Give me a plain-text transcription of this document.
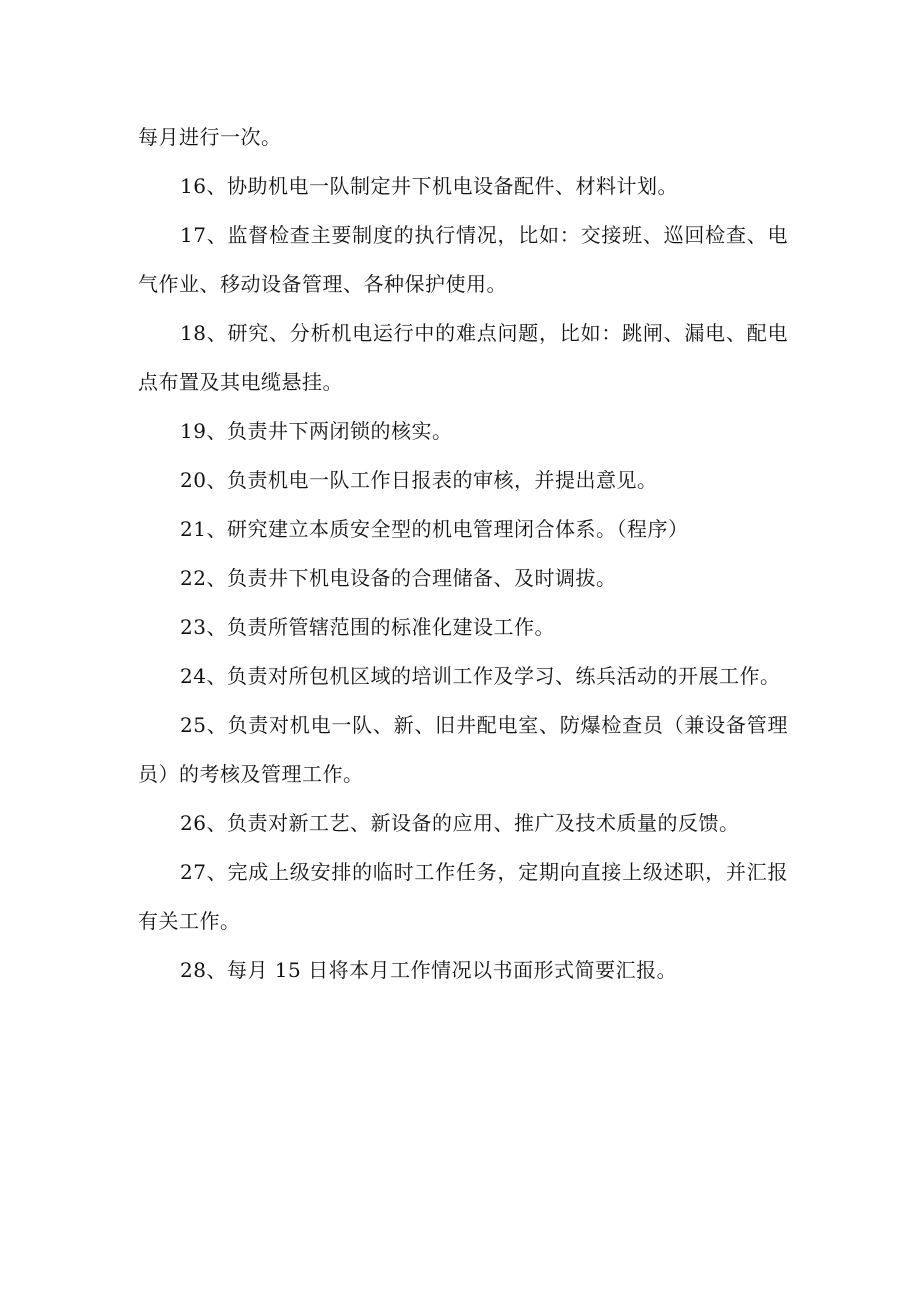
每月进行一次。

16、协助机电一队制定井下机电设备配件、材料计划。

17、监督检查主要制度的执行情况，比如：交接班、巡回检查、电气作业、移动设备管理、各种保护使用。

18、研究、分析机电运行中的难点问题，比如：跳闸、漏电、配电点布置及其电缆悬挂。

19、负责井下两闭锁的核实。

20、负责机电一队工作日报表的审核，并提出意见。

21、研究建立本质安全型的机电管理闭合体系。（程序）

22、负责井下机电设备的合理储备、及时调拔。

23、负责所管辖范围的标准化建设工作。

24、负责对所包机区域的培训工作及学习、练兵活动的开展工作。

25、负责对机电一队、新、旧井配电室、防爆检查员（兼设备管理员）的考核及管理工作。

26、负责对新工艺、新设备的应用、推广及技术质量的反馈。

27、完成上级安排的临时工作任务，定期向直接上级述职，并汇报有关工作。

28、每月 15 日将本月工作情况以书面形式简要汇报。
